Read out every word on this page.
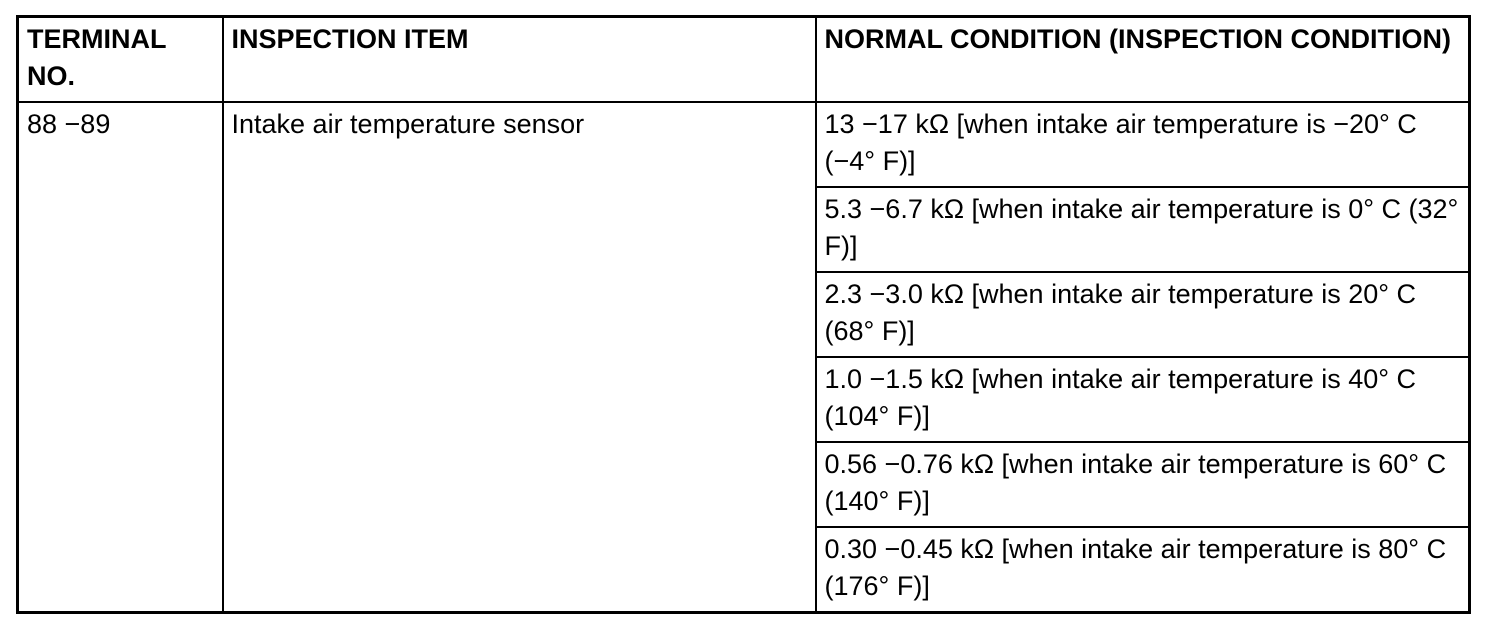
TERMINAL NO.	INSPECTION ITEM	NORMAL CONDITION (INSPECTION CONDITION)
88 −89	Intake air temperature sensor	13 −17 kΩ [when intake air temperature is −20° C (−4° F)]
		5.3 −6.7 kΩ [when intake air temperature is 0° C (32° F)]
		2.3 −3.0 kΩ [when intake air temperature is 20° C (68° F)]
		1.0 −1.5 kΩ [when intake air temperature is 40° C (104° F)]
		0.56 −0.76 kΩ [when intake air temperature is 60° C (140° F)]
		0.30 −0.45 kΩ [when intake air temperature is 80° C (176° F)]
